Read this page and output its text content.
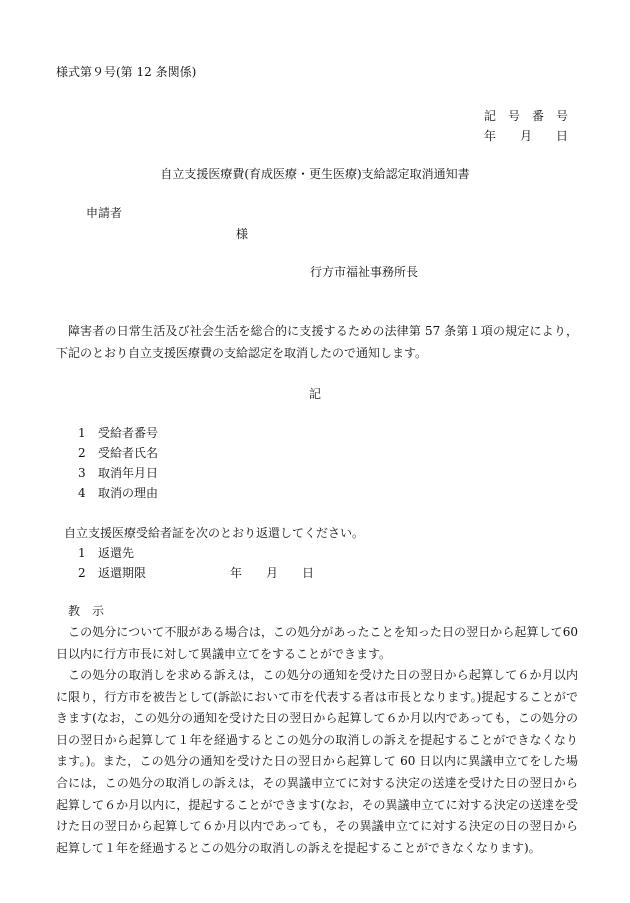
様式第９号(第 12 条関係)
記　号　番　号
年　　月　　日
自立支援医療費(育成医療・更生医療)支給認定取消通知書
申請者
様
行方市福祉事務所長
障害者の日常生活及び社会生活を総合的に支援するための法律第 57 条第１項の規定により，下記のとおり自立支援医療費の支給認定を取消したので通知します。
記
1 受給者番号
2 受給者氏名
3 取消年月日
4 取消の理由
自立支援医療受給者証を次のとおり返還してください。
1 返還先
2 返還期限	年　　月　　日
教　示
この処分について不服がある場合は，この処分があったことを知った日の翌日から起算して60日以内に行方市長に対して異議申立てをすることができます。
この処分の取消しを求める訴えは，この処分の通知を受けた日の翌日から起算して６か月以内に限り，行方市を被告として(訴訟において市を代表する者は市長となります。)提起することができます(なお，この処分の通知を受けた日の翌日から起算して６か月以内であっても，この処分の日の翌日から起算して１年を経過するとこの処分の取消しの訴えを提起することができなくなります。)。また，この処分の通知を受けた日の翌日から起算して 60 日以内に異議申立てをした場合には，この処分の取消しの訴えは，その異議申立てに対する決定の送達を受けた日の翌日から起算して６か月以内に，提起することができます(なお，その異議申立てに対する決定の送達を受けた日の翌日から起算して６か月以内であっても，その異議申立てに対する決定の日の翌日から起算して１年を経過するとこの処分の取消しの訴えを提起することができなくなります)。
